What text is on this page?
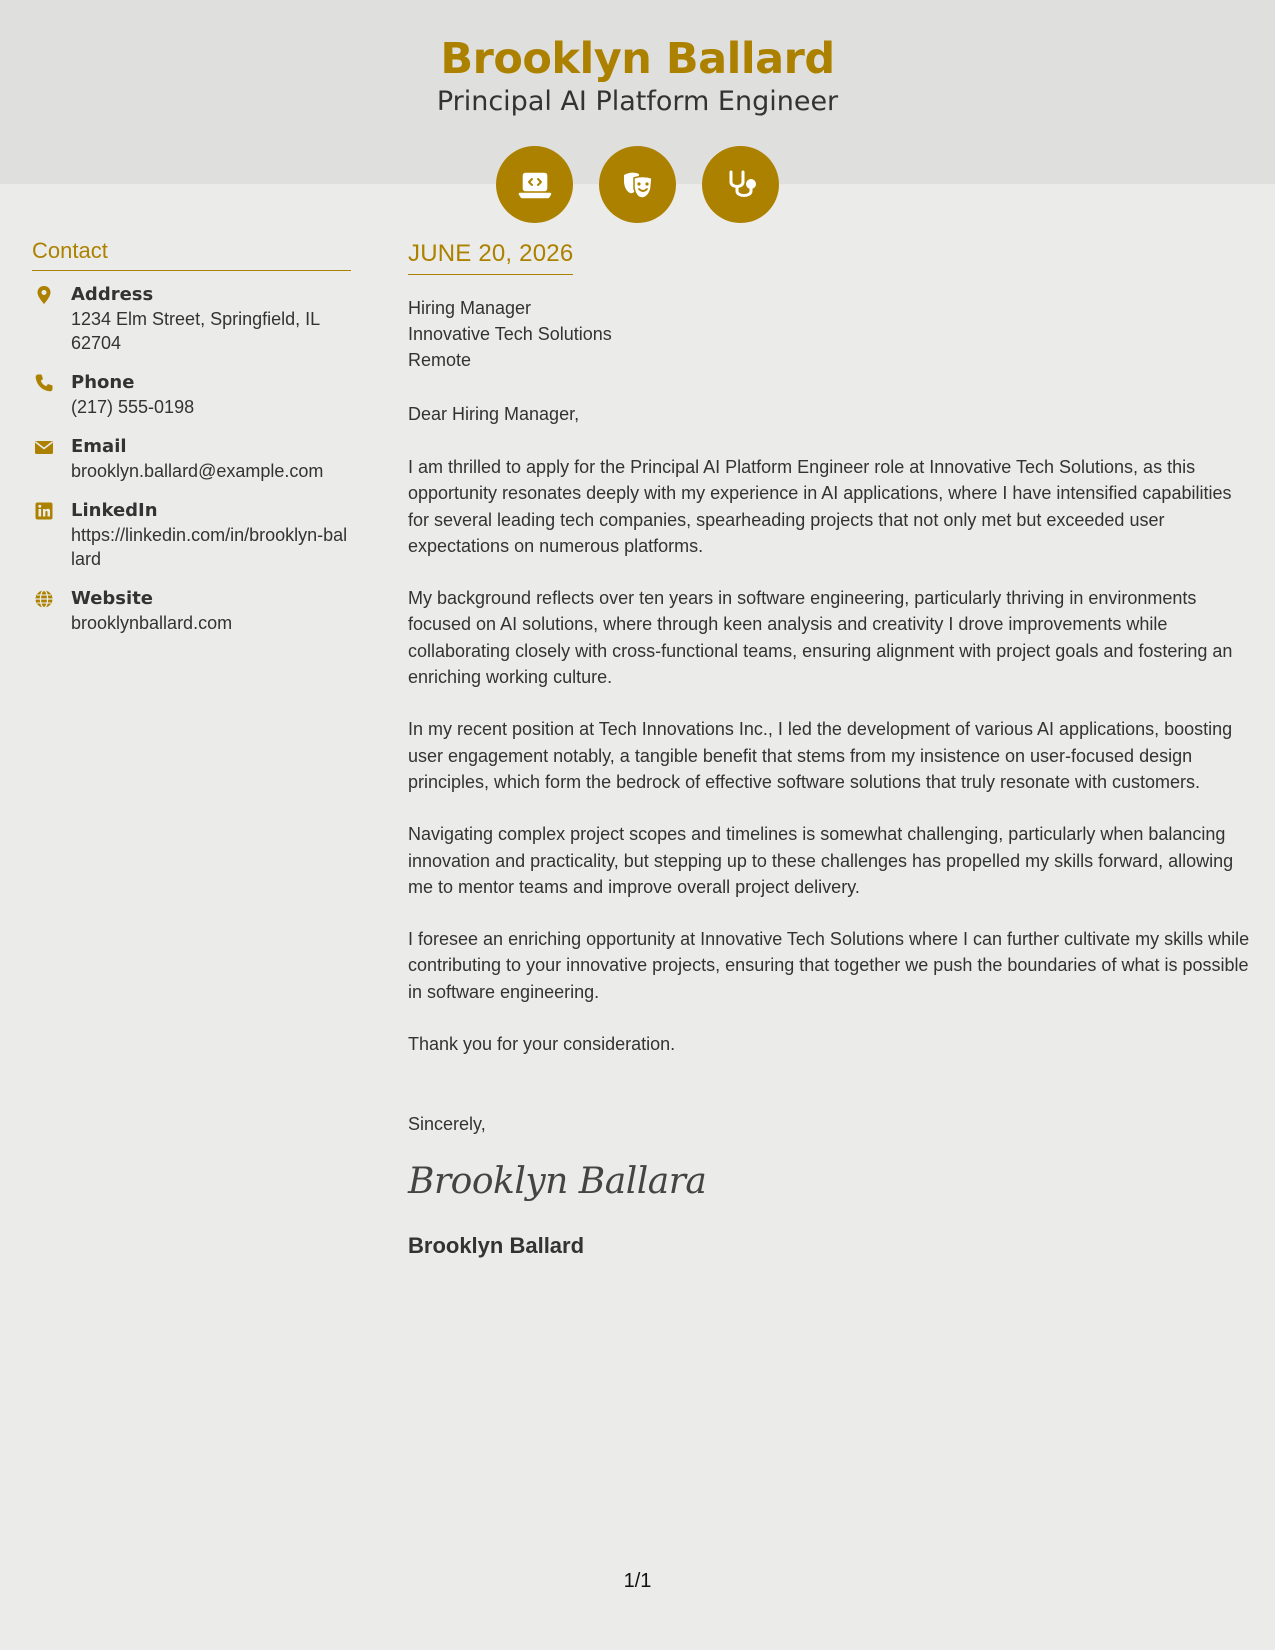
Brooklyn Ballard
Principal AI Platform Engineer
Contact
Address
1234 Elm Street, Springfield, IL 62704
Phone
(217) 555-0198
Email
brooklyn.ballard@example.com
LinkedIn
https://linkedin.com/in/brooklyn-ballard
Website
brooklynballard.com
JUNE 20, 2026
Hiring Manager
Innovative Tech Solutions
Remote
Dear Hiring Manager,

I am thrilled to apply for the Principal AI Platform Engineer role at Innovative Tech Solutions, as this opportunity resonates deeply with my experience in AI applications, where I have intensified capabilities for several leading tech companies, spearheading projects that not only met but exceeded user expectations on numerous platforms.

My background reflects over ten years in software engineering, particularly thriving in environments focused on AI solutions, where through keen analysis and creativity I drove improvements while collaborating closely with cross-functional teams, ensuring alignment with project goals and fostering an enriching working culture.

In my recent position at Tech Innovations Inc., I led the development of various AI applications, boosting user engagement notably, a tangible benefit that stems from my insistence on user-focused design principles, which form the bedrock of effective software solutions that truly resonate with customers.

Navigating complex project scopes and timelines is somewhat challenging, particularly when balancing innovation and practicality, but stepping up to these challenges has propelled my skills forward, allowing me to mentor teams and improve overall project delivery.

I foresee an enriching opportunity at Innovative Tech Solutions where I can further cultivate my skills while contributing to your innovative projects, ensuring that together we push the boundaries of what is possible in software engineering.

Thank you for your consideration.
Sincerely,
Brooklyn Ballara
Brooklyn Ballard
1/1
